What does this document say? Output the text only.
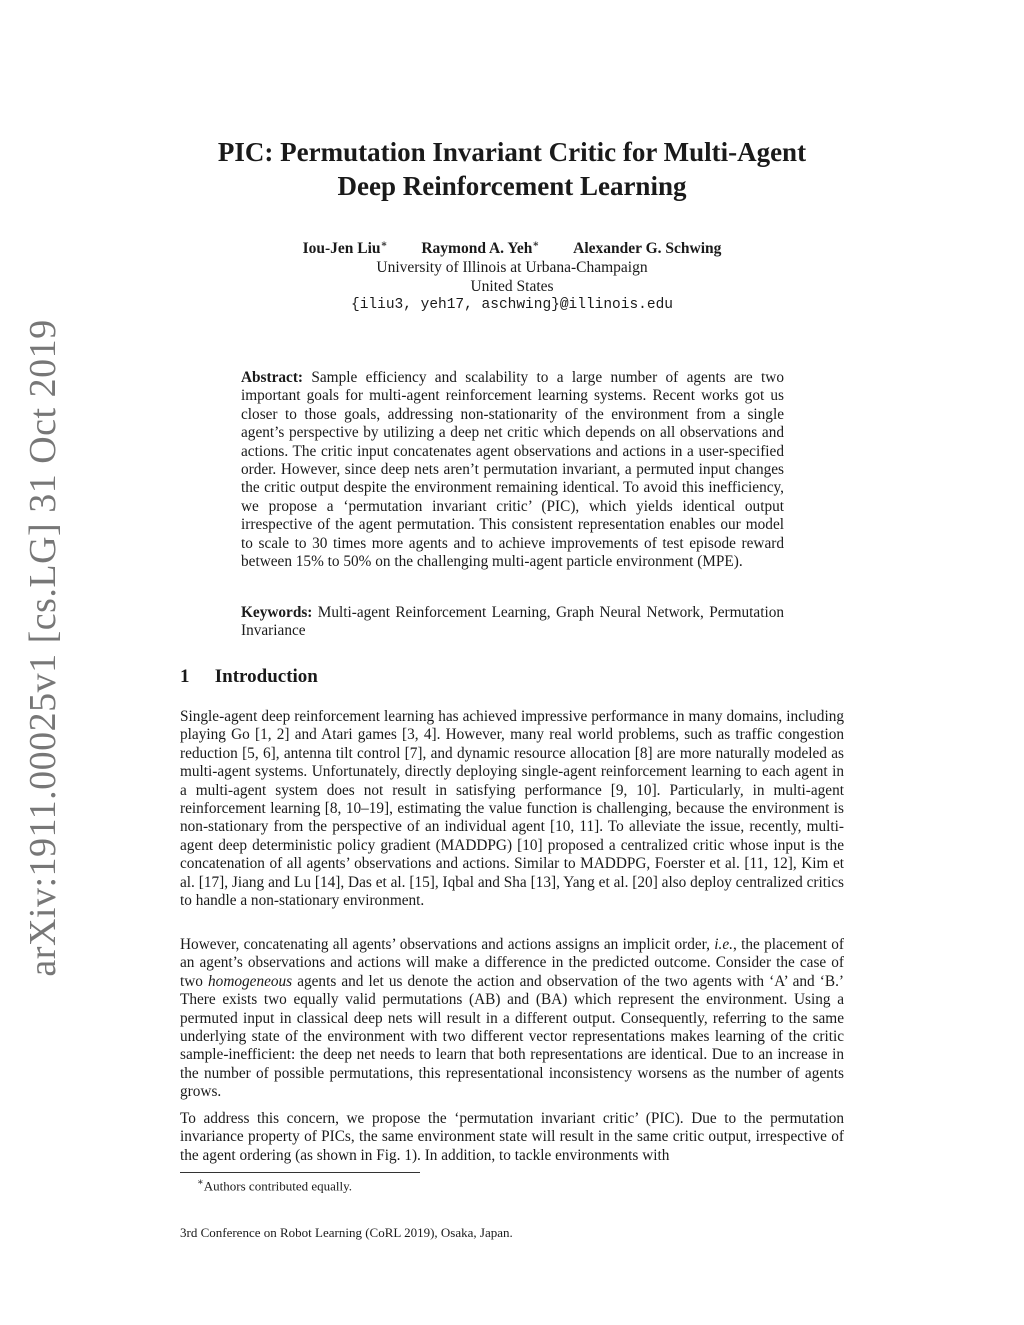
arXiv:1911.00025v1 [cs.LG] 31 Oct 2019
PIC: Permutation Invariant Critic for Multi-Agent
Deep Reinforcement Learning
Iou-Jen Liu∗ Raymond A. Yeh∗ Alexander G. Schwing
University of Illinois at Urbana-Champaign
United States
{iliu3, yeh17, aschwing}@illinois.edu
Abstract: Sample efficiency and scalability to a large number of agents are two important goals for multi-agent reinforcement learning systems. Recent works got us closer to those goals, addressing non-stationarity of the environment from a single agent’s perspective by utilizing a deep net critic which depends on all observations and actions. The critic input concatenates agent observations and actions in a user-specified order. However, since deep nets aren’t permutation invariant, a permuted input changes the critic output despite the environment remaining identical. To avoid this inefficiency, we propose a ‘permutation invariant critic’ (PIC), which yields identical output irrespective of the agent permutation. This consistent representation enables our model to scale to 30 times more agents and to achieve improvements of test episode reward between 15% to 50% on the challenging multi-agent particle environment (MPE).
Keywords: Multi-agent Reinforcement Learning, Graph Neural Network, Permutation Invariance
1 Introduction

Single-agent deep reinforcement learning has achieved impressive performance in many domains, including playing Go [1, 2] and Atari games [3, 4]. However, many real world problems, such as traffic congestion reduction [5, 6], antenna tilt control [7], and dynamic resource allocation [8] are more naturally modeled as multi-agent systems. Unfortunately, directly deploying single-agent reinforcement learning to each agent in a multi-agent system does not result in satisfying performance [9, 10]. Particularly, in multi-agent reinforcement learning [8, 10–19], estimating the value function is challenging, because the environment is non-stationary from the perspective of an individual agent [10, 11]. To alleviate the issue, recently, multi-agent deep deterministic policy gradient (MADDPG) [10] proposed a centralized critic whose input is the concatenation of all agents’ observations and actions. Similar to MADDPG, Foerster et al. [11, 12], Kim et al. [17], Jiang and Lu [14], Das et al. [15], Iqbal and Sha [13], Yang et al. [20] also deploy centralized critics to handle a non-stationary environment.

However, concatenating all agents’ observations and actions assigns an implicit order, i.e., the placement of an agent’s observations and actions will make a difference in the predicted outcome. Consider the case of two homogeneous agents and let us denote the action and observation of the two agents with ‘A’ and ‘B.’ There exists two equally valid permutations (AB) and (BA) which represent the environment. Using a permuted input in classical deep nets will result in a different output. Consequently, referring to the same underlying state of the environment with two different vector representations makes learning of the critic sample-inefficient: the deep net needs to learn that both representations are identical. Due to an increase in the number of possible permutations, this representational inconsistency worsens as the number of agents grows.

To address this concern, we propose the ‘permutation invariant critic’ (PIC). Due to the permutation invariance property of PICs, the same environment state will result in the same critic output, irrespective of the agent ordering (as shown in Fig. 1). In addition, to tackle environments with

∗Authors contributed equally.
3rd Conference on Robot Learning (CoRL 2019), Osaka, Japan.
